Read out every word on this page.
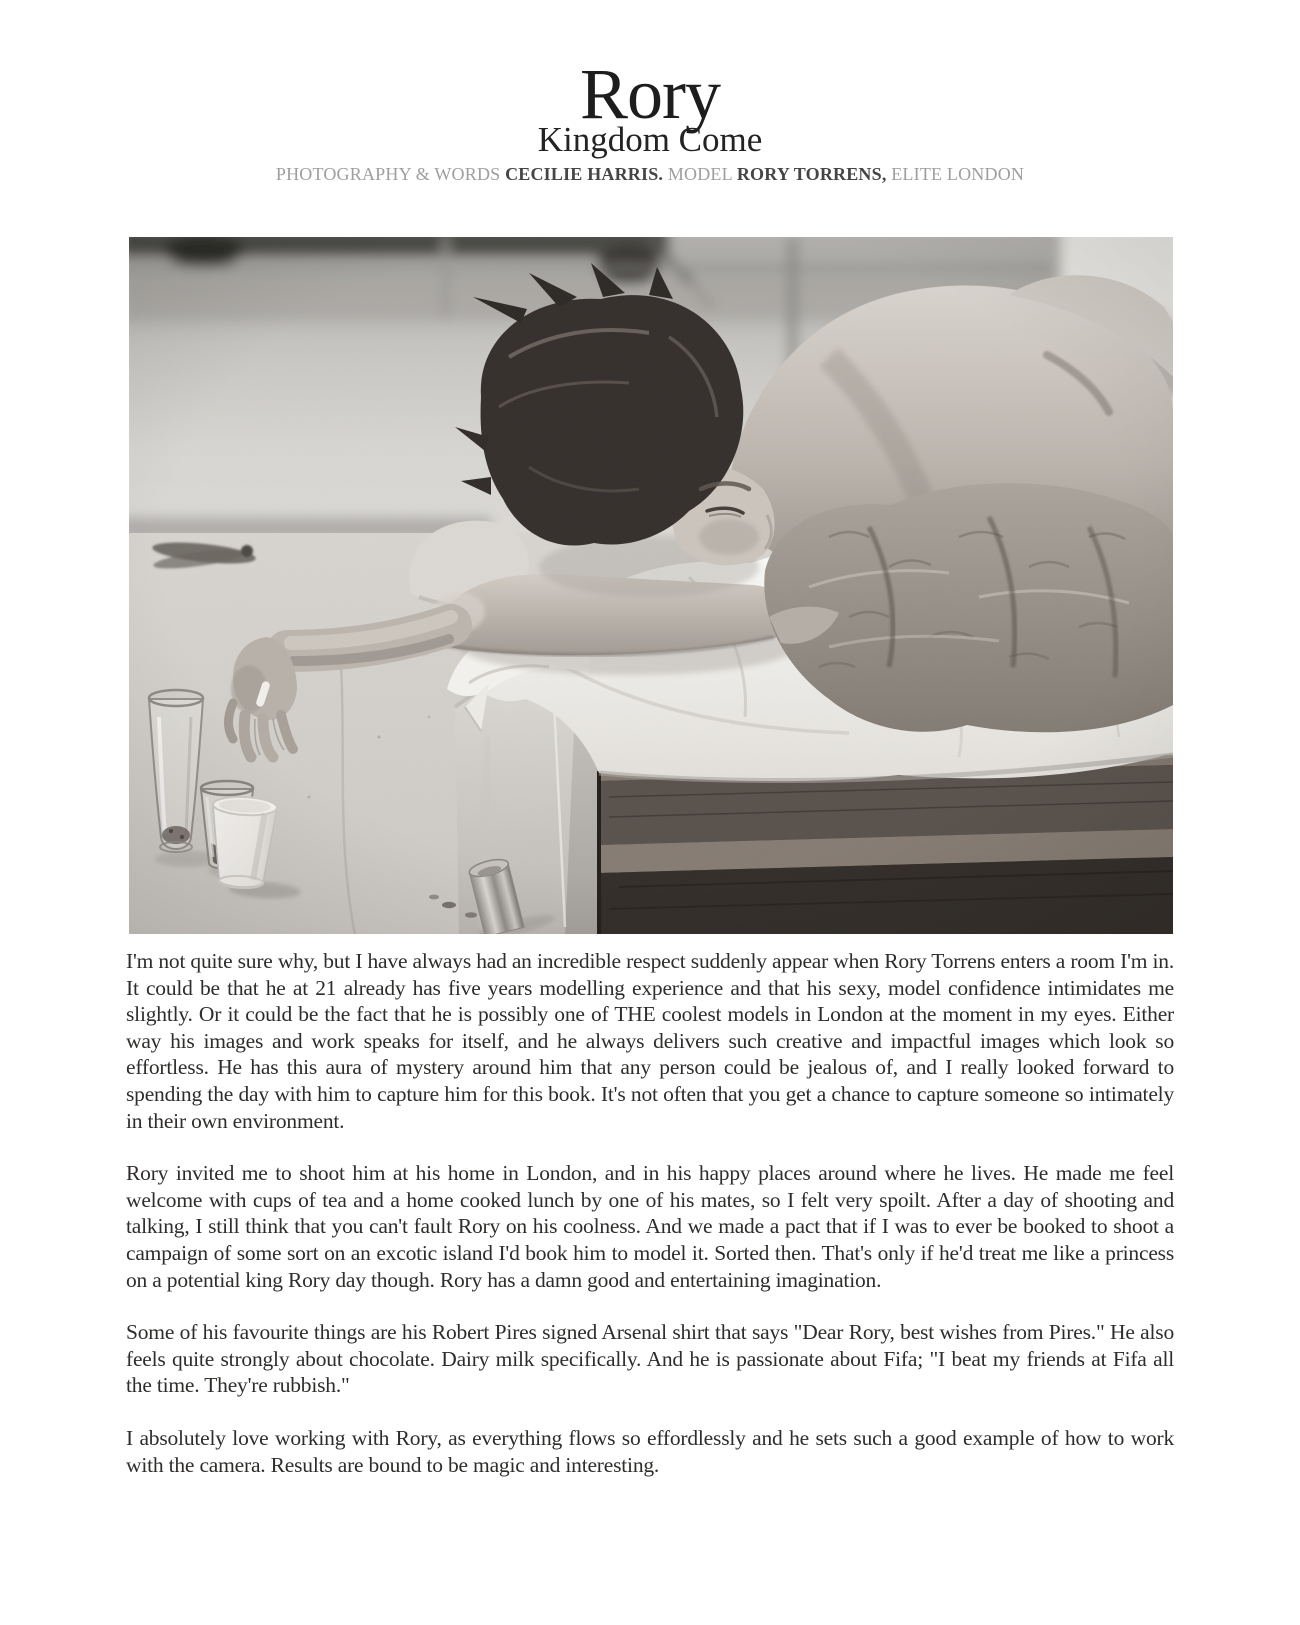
Rory
Kingdom Come

PHOTOGRAPHY & WORDS CECILIE HARRIS. MODEL RORY TORRENS, ELITE LONDON

I'm not quite sure why, but I have always had an incredible respect suddenly appear when Rory Torrens enters a room I'm in. It could be that he at 21 already has five years modelling experience and that his sexy, model confidence intimidates me slightly. Or it could be the fact that he is possibly one of THE coolest models in London at the moment in my eyes. Either way his images and work speaks for itself, and he always delivers such creative and impactful images which look so effortless. He has this aura of mystery around him that any person could be jealous of, and I really looked forward to spending the day with him to capture him for this book. It's not often that you get a chance to capture someone so intimately in their own environment.

Rory invited me to shoot him at his home in London, and in his happy places around where he lives. He made me feel welcome with cups of tea and a home cooked lunch by one of his mates, so I felt very spoilt. After a day of shooting and talking, I still think that you can't fault Rory on his coolness. And we made a pact that if I was to ever be booked to shoot a campaign of some sort on an excotic island I'd book him to model it. Sorted then. That's only if he'd treat me like a princess on a potential king Rory day though. Rory has a damn good and entertaining imagination.

Some of his favourite things are his Robert Pires signed Arsenal shirt that says "Dear Rory, best wishes from Pires." He also feels quite strongly about chocolate. Dairy milk specifically. And he is passionate about Fifa; "I beat my friends at Fifa all the time. They're rubbish."

I absolutely love working with Rory, as everything flows so effordlessly and he sets such a good example of how to work with the camera. Results are bound to be magic and interesting.
